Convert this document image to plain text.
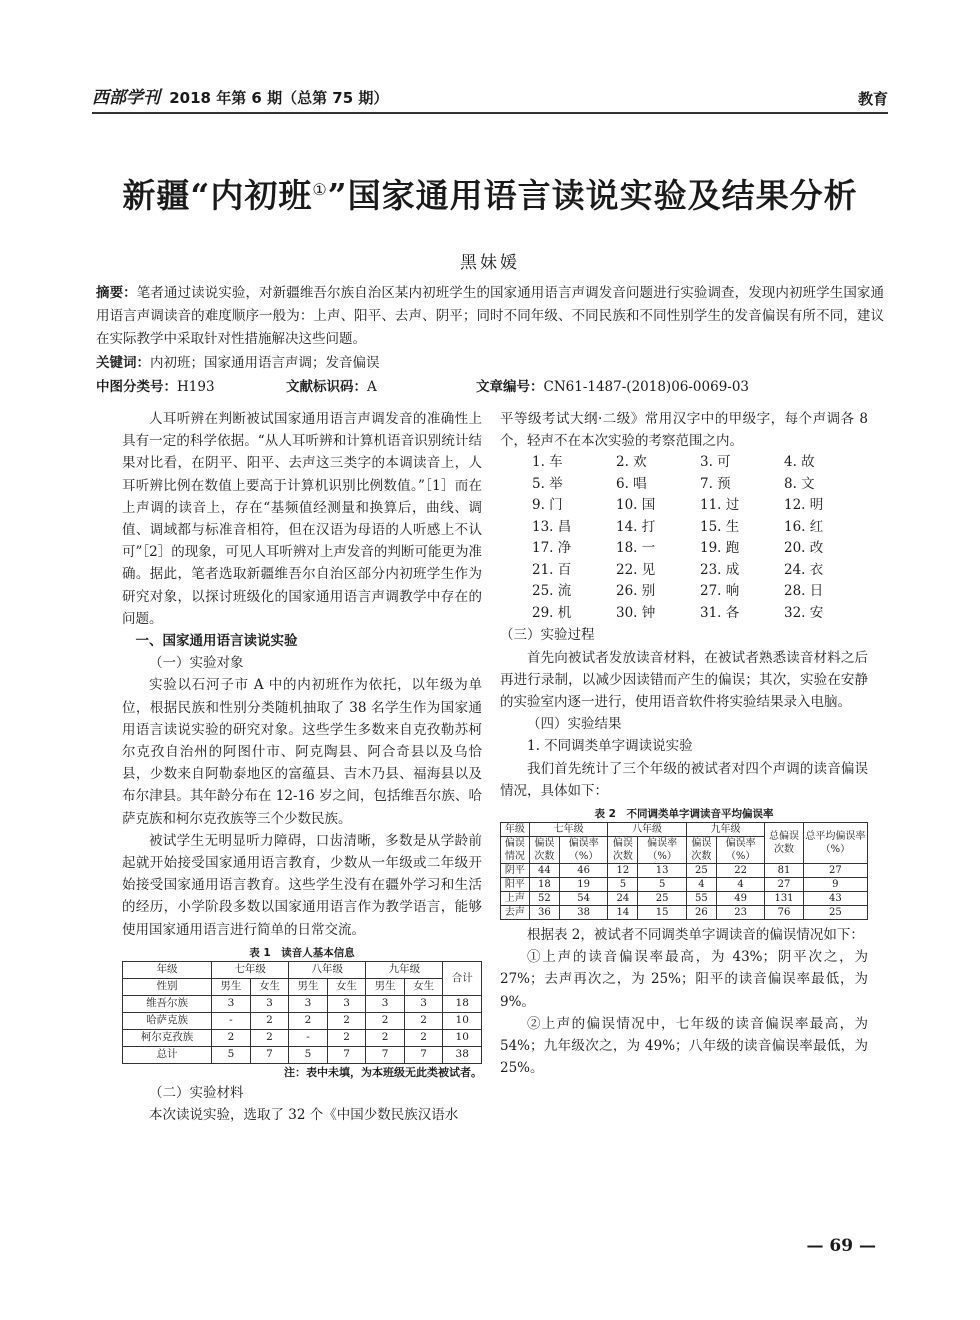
西部学刊 2018 年第 6 期（总第 75 期）	教育
新疆“内初班①”国家通用语言读说实验及结果分析
黑妹媛
摘要：笔者通过读说实验，对新疆维吾尔族自治区某内初班学生的国家通用语言声调发音问题进行实验调查，发现内初班学生国家通用语言声调读音的难度顺序一般为：上声、阳平、去声、阴平；同时不同年级、不同民族和不同性别学生的发音偏误有所不同，建议在实际教学中采取针对性措施解决这些问题。
关键词： 内初班；国家通用语言声调；发音偏误
中图分类号：H193	文献标识码：A	文章编号：CN61-1487-(2018)06-0069-03

人耳听辨在判断被试国家通用语言声调发音的准确性上具有一定的科学依据。“从人耳听辨和计算机语音识别统计结果对比看，在阴平、阳平、去声这三类字的本调读音上，人耳听辨比例在数值上要高于计算机识别比例数值。”［1］而在上声调的读音上，存在“基频值经测量和换算后，曲线、调值、调域都与标准音相符，但在汉语为母语的人听感上不认可”［2］的现象，可见人耳听辨对上声发音的判断可能更为准确。据此，笔者选取新疆维吾尔自治区部分内初班学生作为研究对象，以探讨班级化的国家通用语言声调教学中存在的问题。

一、国家通用语言读说实验

（一）实验对象

实验以石河子市 A 中的内初班作为依托，以年级为单位，根据民族和性别分类随机抽取了 38 名学生作为国家通用语言读说实验的研究对象。这些学生多数来自克孜勒苏柯尔克孜自治州的阿图什市、阿克陶县、阿合奇县以及乌恰县，少数来自阿勒泰地区的富蕴县、吉木乃县、福海县以及布尔津县。其年龄分布在 12-16 岁之间，包括维吾尔族、哈萨克族和柯尔克孜族等三个少数民族。

被试学生无明显听力障碍，口齿清晰，多数是从学龄前起就开始接受国家通用语言教育，少数从一年级或二年级开始接受国家通用语言教育。这些学生没有在疆外学习和生活的经历，小学阶段多数以国家通用语言作为教学语言，能够使用国家通用语言进行简单的日常交流。

表 1　读音人基本信息
年级	七年级		八年级		九年级		合计
性别	男生	女生	男生	女生	男生	女生	
维吾尔族	3	3	3	3	3	3	18
哈萨克族	-	2	2	2	2	2	10
柯尔克孜族	2	2	-	2	2	2	10
总计	5	7	5	7	7	7	38
注：表中未填，为本班级无此类被试者。

（二）实验材料

本次读说实验，选取了 32 个《中国少数民族汉语水

平等级考试大纲·二级》常用汉字中的甲级字，每个声调各 8 个，轻声不在本次实验的考察范围之内。

1. 车	2. 欢	3. 可	4. 故
5. 举	6. 唱	7. 预	8. 文
9. 门	10. 国	11. 过	12. 明
13. 昌	14. 打	15. 生	16. 红
17. 净	18. 一	19. 跑	20. 改
21. 百	22. 见	23. 成	24. 衣
25. 流	26. 别	27. 响	28. 日
29. 机	30. 钟	31. 各	32. 安

（三）实验过程

首先向被试者发放读音材料，在被试者熟悉读音材料之后再进行录制，以减少因读错而产生的偏误；其次，实验在安静的实验室内逐一进行，使用语音软件将实验结果录入电脑。

（四）实验结果

1. 不同调类单字调读说实验

我们首先统计了三个年级的被试者对四个声调的读音偏误情况，具体如下：

表 2　不同调类单字调读音平均偏误率
年级	七年级		八年级		九年级		总偏误次数	总平均偏误率（%）
偏误情况	偏误次数	偏误率（%）	偏误次数	偏误率（%）	偏误次数	偏误率（%）		
阴平	44	46	12	13	25	22	81	27
阳平	18	19	5	5	4	4	27	9
上声	52	54	24	25	55	49	131	43
去声	36	38	14	15	26	23	76	25

根据表 2，被试者不同调类单字调读音的偏误情况如下：

①上声的读音偏误率最高，为 43%；阴平次之，为 27%；去声再次之，为 25%；阳平的读音偏误率最低，为 9%。

②上声的偏误情况中，七年级的读音偏误率最高，为 54%；九年级次之，为 49%；八年级的读音偏误率最低，为 25%。

— 69 —
